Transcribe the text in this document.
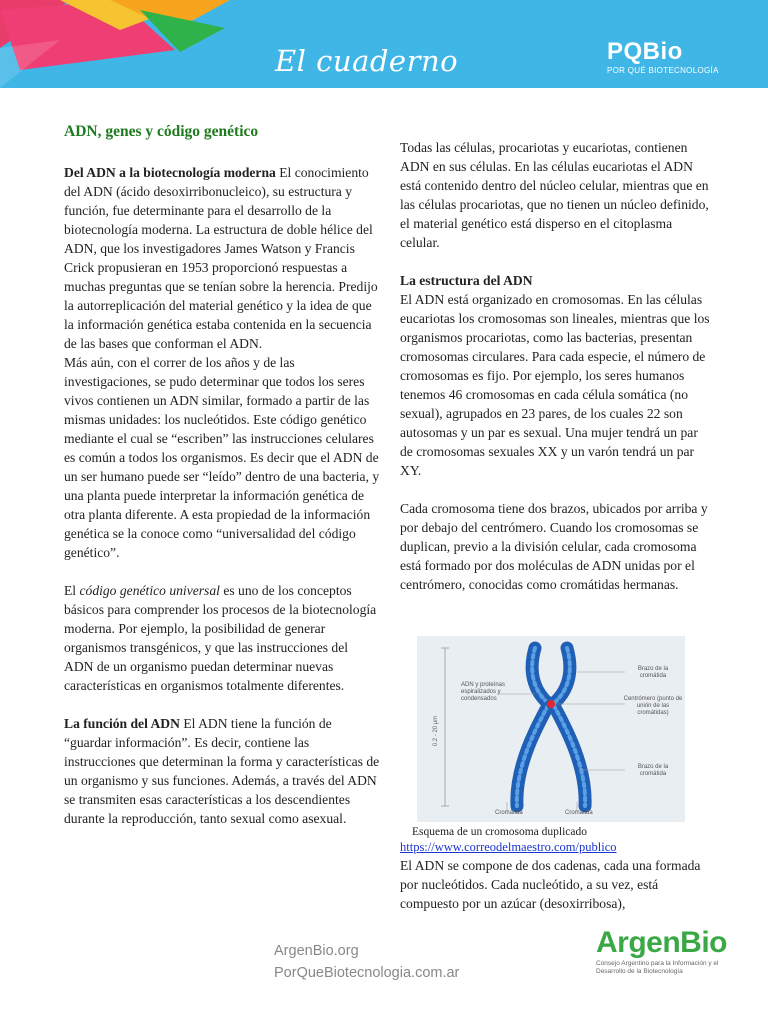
El cuaderno	PQBio
POR QUÉ BIOTECNOLOGÍA
ADN, genes y código genético

Del ADN a la biotecnología moderna El conocimiento del ADN (ácido desoxirribonucleico), su estructura y función, fue determinante para el desarrollo de la biotecnología moderna. La estructura de doble hélice del ADN, que los investigadores James Watson y Francis Crick propusieran en 1953 proporcionó respuestas a muchas preguntas que se tenían sobre la herencia. Predijo la autorreplicación del material genético y la idea de que la información genética estaba contenida en la secuencia de las bases que conforman el ADN.

Más aún, con el correr de los años y de las investigaciones, se pudo determinar que todos los seres vivos contienen un ADN similar, formado a partir de las mismas unidades: los nucleótidos. Este código genético mediante el cual se “escriben” las instrucciones celulares es común a todos los organismos. Es decir que el ADN de un ser humano puede ser “leído” dentro de una bacteria, y una planta puede interpretar la información genética de otra planta diferente. A esta propiedad de la información genética se la conoce como “universalidad del código genético”.

El código genético universal es uno de los conceptos básicos para comprender los procesos de la biotecnología moderna. Por ejemplo, la posibilidad de generar organismos transgénicos, y que las instrucciones del ADN de un organismo puedan determinar nuevas características en organismos totalmente diferentes.

La función del ADN El ADN tiene la función de “guardar información”. Es decir, contiene las instrucciones que determinan la forma y características de un organismo y sus funciones. Además, a través del ADN se transmiten esas características a los descendientes durante la reproducción, tanto sexual como asexual.

Todas las células, procariotas y eucariotas, contienen ADN en sus células. En las células eucariotas el ADN está contenido dentro del núcleo celular, mientras que en las células procariotas, que no tienen un núcleo definido, el material genético está disperso en el citoplasma celular.

La estructura del ADN

El ADN está organizado en cromosomas. En las células eucariotas los cromosomas son lineales, mientras que los organismos procariotas, como las bacterias, presentan cromosomas circulares. Para cada especie, el número de cromosomas es fijo. Por ejemplo, los seres humanos tenemos 46 cromosomas en cada célula somática (no sexual), agrupados en 23 pares, de los cuales 22 son autosomas y un par es sexual. Una mujer tendrá un par de cromosomas sexuales XX y un varón tendrá un par XY.

Cada cromosoma tiene dos brazos, ubicados por arriba y por debajo del centrómero. Cuando los cromosomas se duplican, previo a la división celular, cada cromosoma está formado por dos moléculas de ADN unidas por el centrómero, conocidas como cromátidas hermanas.

0.2 - 20 µm
ADN y proteínas espiralizados y condensados
Brazo de la cromátida
Centrómero (punto de unión de las cromátidas)
Brazo de la cromátida
Cromátida	Cromátida
Esquema de un cromosoma duplicado
https://www.correodelmaestro.com/publico

El ADN se compone de dos cadenas, cada una formada por nucleótidos. Cada nucleótido, a su vez, está compuesto por un azúcar (desoxirribosa),

ArgenBio.org
PorQueBiotecnologia.com.ar
ArgenBio
Consejo Argentino para la Información y el Desarrollo de la Biotecnología
